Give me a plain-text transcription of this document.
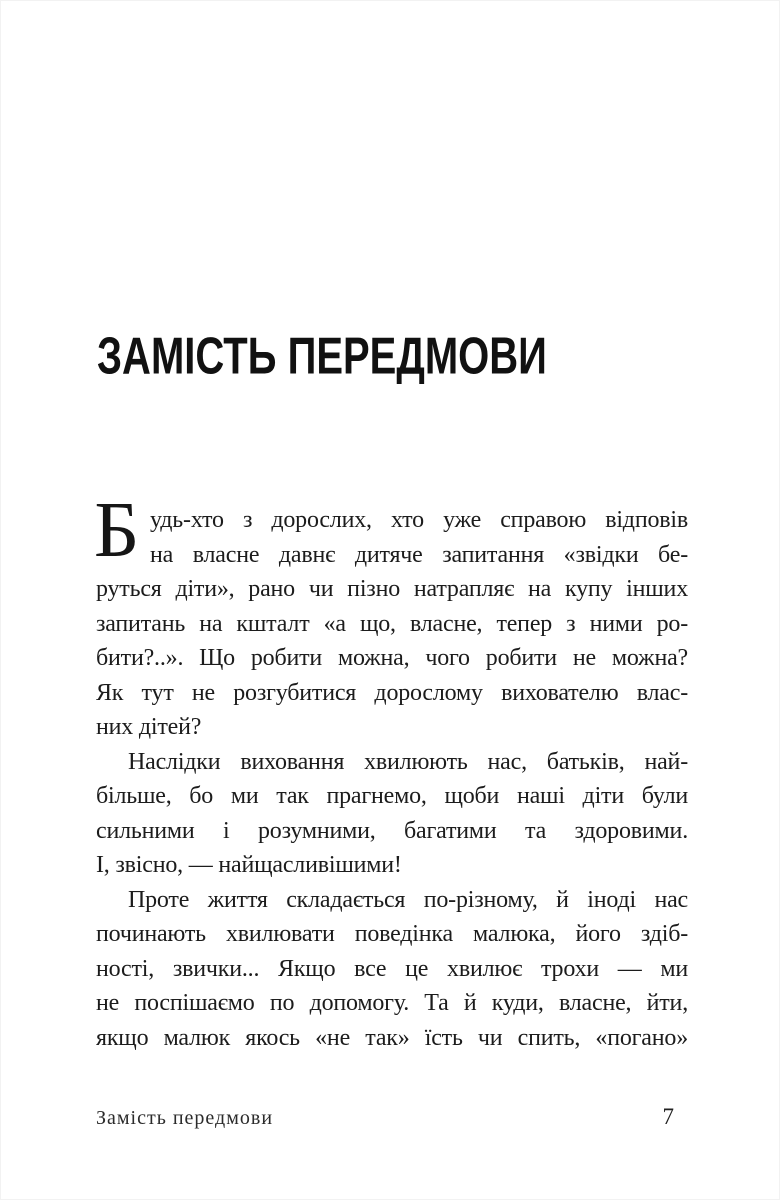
ЗАМІСТЬ ПЕРЕДМОВИ
Б удь-хто з дорослих, хто уже справою відповів
на власне давнє дитяче запитання «звідки бе-
руться діти», рано чи пізно натрапляє на купу інших
запитань на кшталт «а що, власне, тепер з ними ро-
бити?..». Що робити можна, чого робити не можна?
Як тут не розгубитися дорослому вихователю влас-
них дітей?
Наслідки виховання хвилюють нас, батьків, най-
більше, бо ми так прагнемо, щоби наші діти були
сильними і розумними, багатими та здоровими.
І, звісно, — найщасливішими!
Проте життя складається по-різному, й іноді нас
починають хвилювати поведінка малюка, його здіб-
ності, звички... Якщо все це хвилює трохи — ми
не поспішаємо по допомогу. Та й куди, власне, йти,
якщо малюк якось «не так» їсть чи спить, «погано»
Замість передмови	7
